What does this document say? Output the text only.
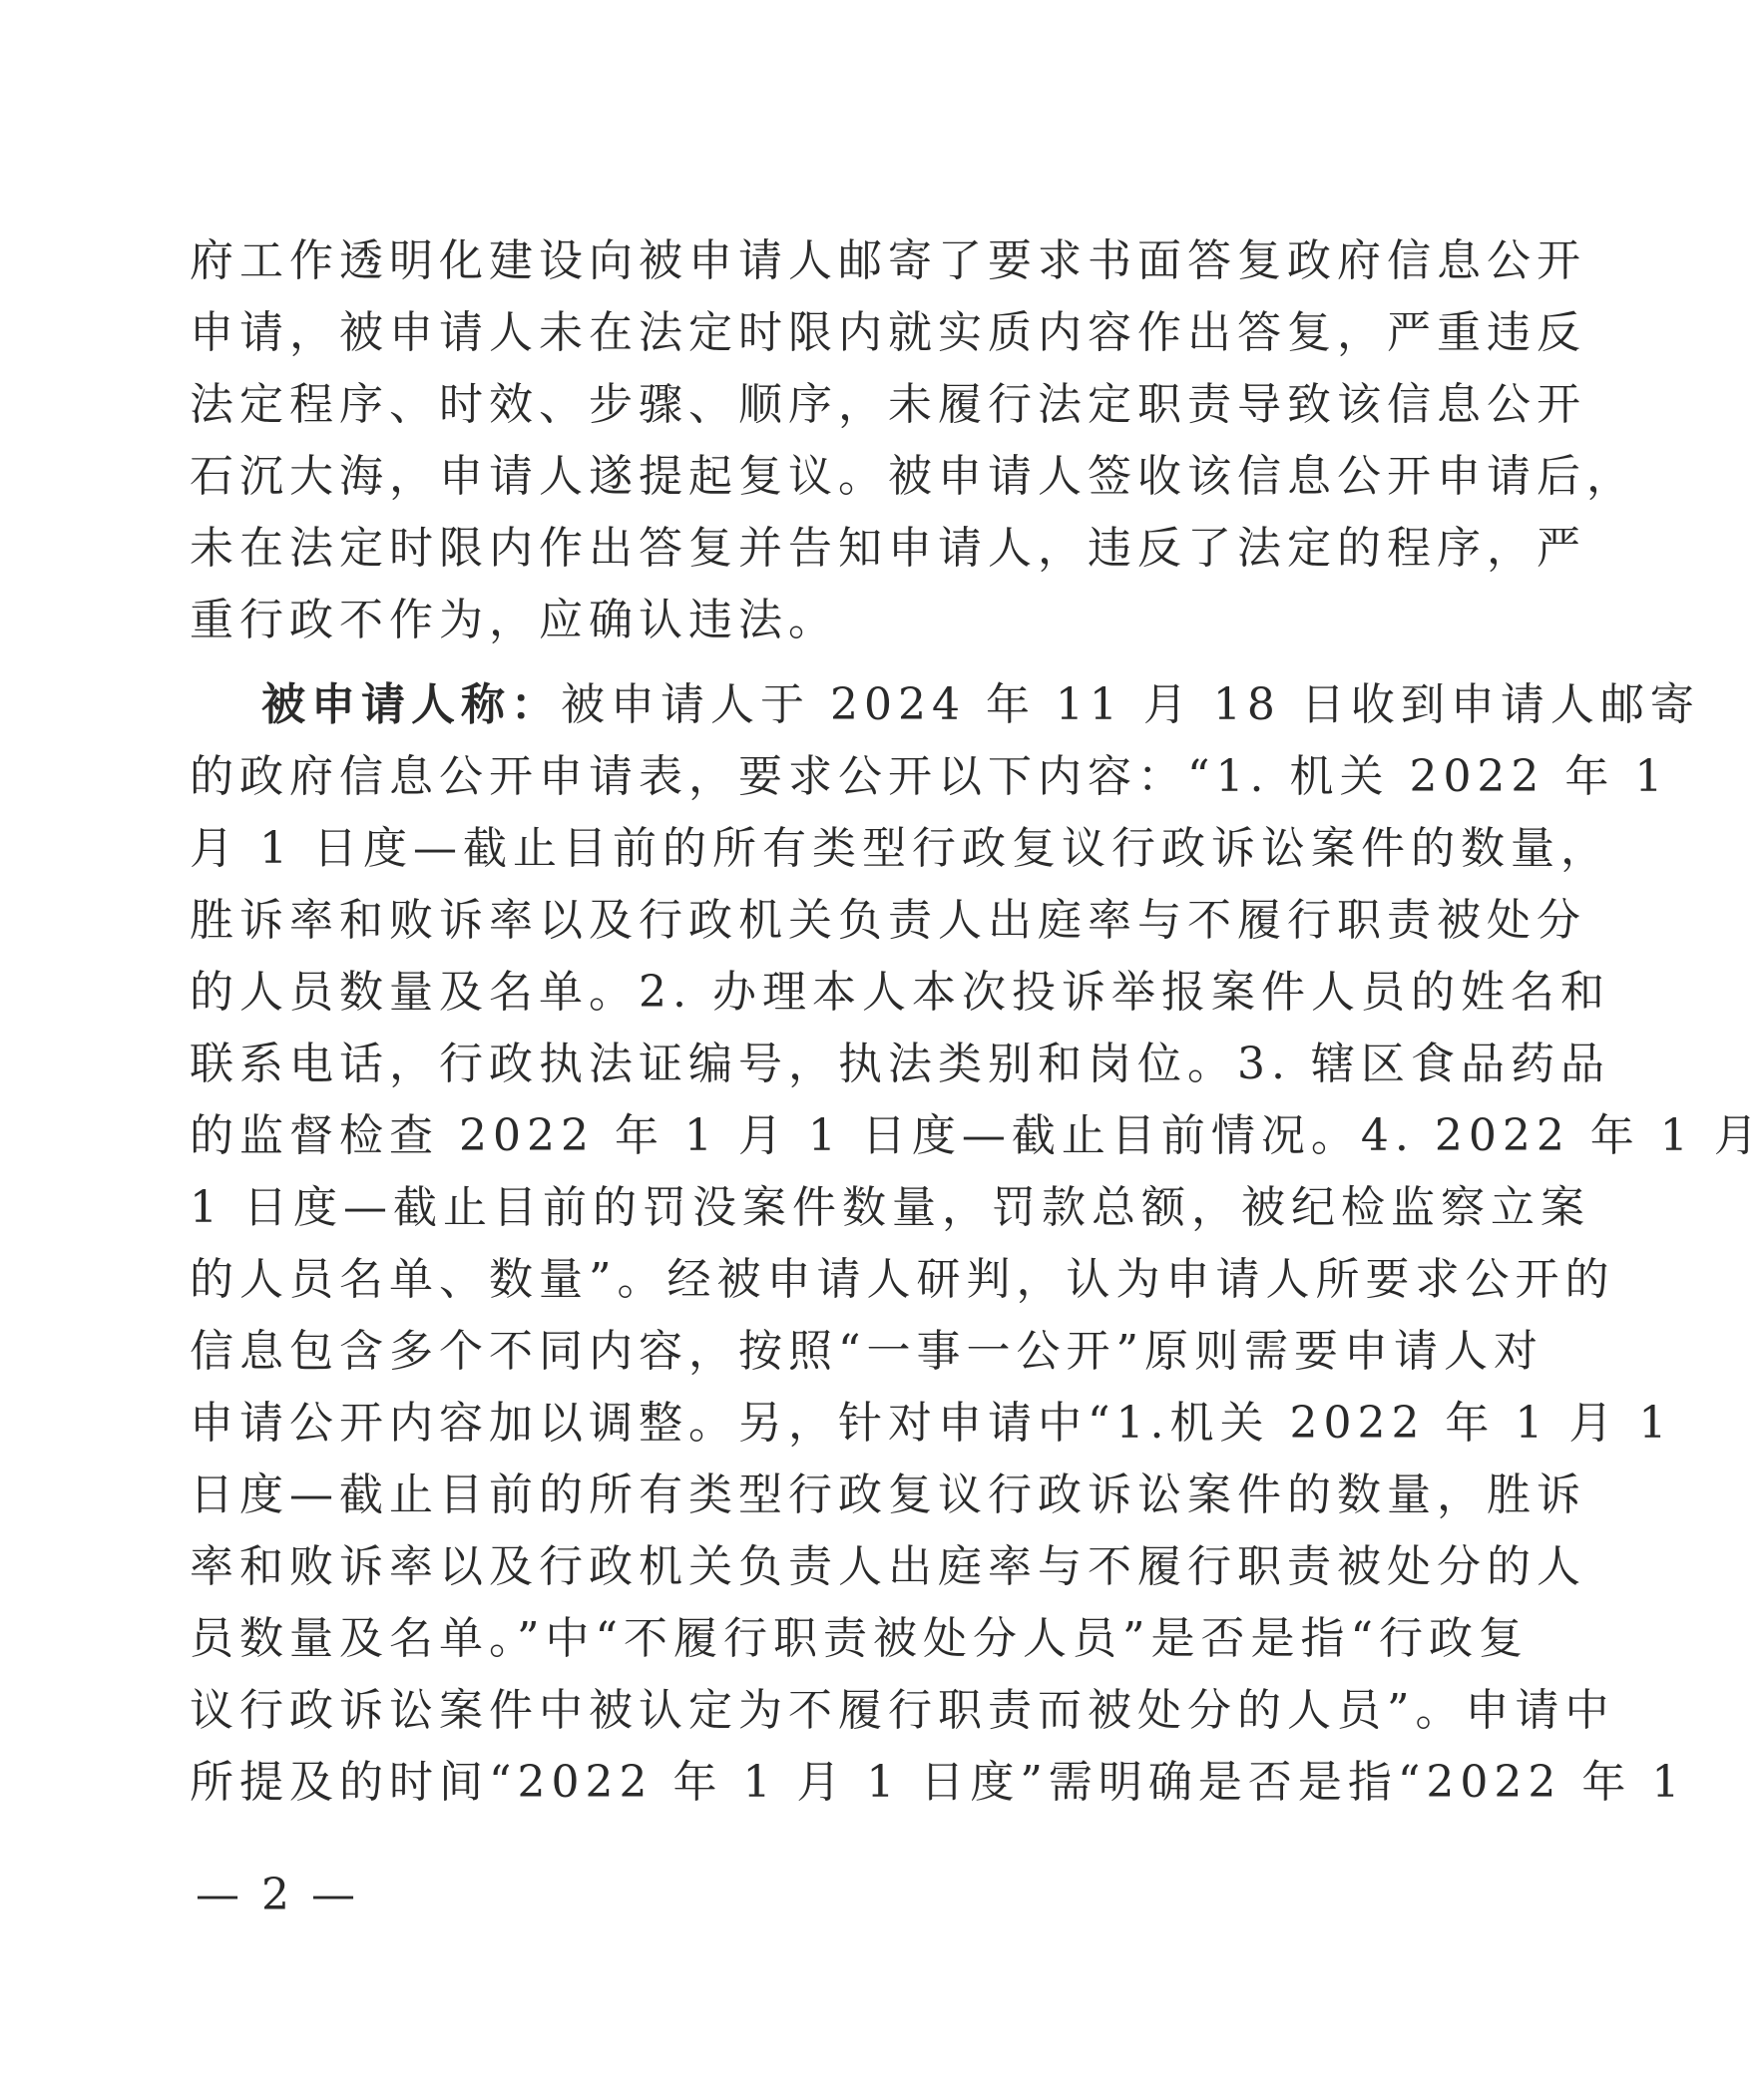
府工作透明化建设向被申请人邮寄了要求书面答复政府信息公开
申请，被申请人未在法定时限内就实质内容作出答复，严重违反
法定程序、时效、步骤、顺序，未履行法定职责导致该信息公开
石沉大海，申请人遂提起复议。被申请人签收该信息公开申请后，
未在法定时限内作出答复并告知申请人，违反了法定的程序，严
重行政不作为，应确认违法。
被申请人称：被申请人于 2024 年 11 月 18 日收到申请人邮寄
的政府信息公开申请表，要求公开以下内容：“1. 机关 2022 年 1
月 1 日度—截止目前的所有类型行政复议行政诉讼案件的数量，
胜诉率和败诉率以及行政机关负责人出庭率与不履行职责被处分
的人员数量及名单。2. 办理本人本次投诉举报案件人员的姓名和
联系电话，行政执法证编号，执法类别和岗位。3. 辖区食品药品
的监督检查 2022 年 1 月 1 日度—截止目前情况。4. 2022 年 1 月
1 日度—截止目前的罚没案件数量，罚款总额，被纪检监察立案
的人员名单、数量”。经被申请人研判，认为申请人所要求公开的
信息包含多个不同内容，按照“一事一公开”原则需要申请人对
申请公开内容加以调整。另，针对申请中“1.机关 2022 年 1 月 1
日度—截止目前的所有类型行政复议行政诉讼案件的数量，胜诉
率和败诉率以及行政机关负责人出庭率与不履行职责被处分的人
员数量及名单。”中“不履行职责被处分人员”是否是指“行政复
议行政诉讼案件中被认定为不履行职责而被处分的人员”。申请中
所提及的时间“2022 年 1 月 1 日度”需明确是否是指“2022 年 1
— 2 —
